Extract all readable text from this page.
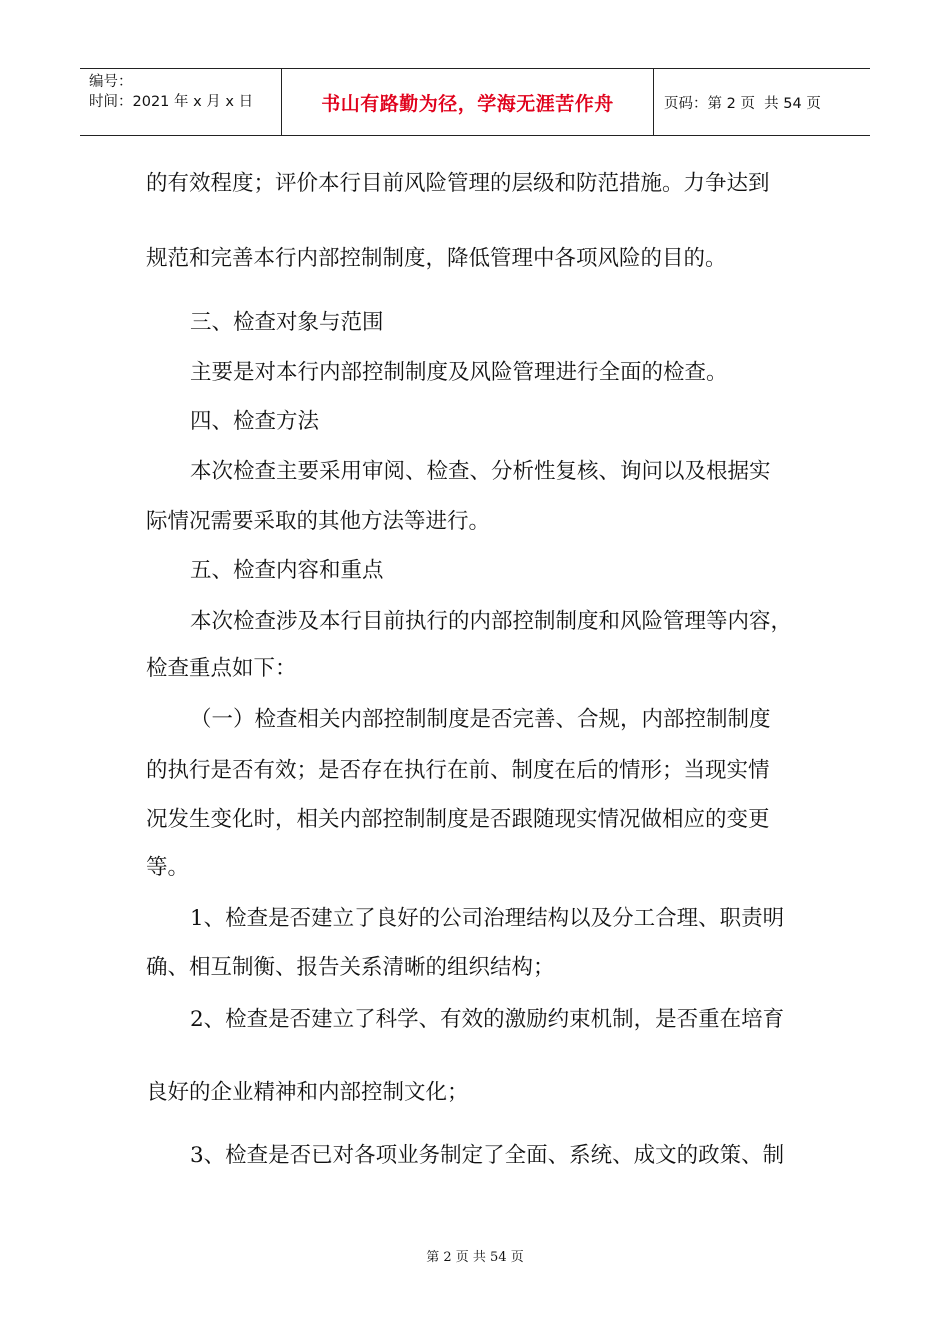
编号：
时间：2021 年 x 月 x 日	书山有路勤为径，学海无涯苦作舟	页码：第 2 页  共 54 页
的有效程度；评价本行目前风险管理的层级和防范措施。力争达到
规范和完善本行内部控制制度，降低管理中各项风险的目的。
三、检查对象与范围
主要是对本行内部控制制度及风险管理进行全面的检查。
四、检查方法
本次检查主要采用审阅、检查、分析性复核、询问以及根据实
际情况需要采取的其他方法等进行。
五、检查内容和重点
本次检查涉及本行目前执行的内部控制制度和风险管理等内容，
检查重点如下：
（一）检查相关内部控制制度是否完善、合规，内部控制制度
的执行是否有效；是否存在执行在前、制度在后的情形；当现实情
况发生变化时，相关内部控制制度是否跟随现实情况做相应的变更
等。
1、检查是否建立了良好的公司治理结构以及分工合理、职责明
确、相互制衡、报告关系清晰的组织结构；
2、检查是否建立了科学、有效的激励约束机制，是否重在培育
良好的企业精神和内部控制文化；
3、检查是否已对各项业务制定了全面、系统、成文的政策、制
第 2 页 共 54 页
